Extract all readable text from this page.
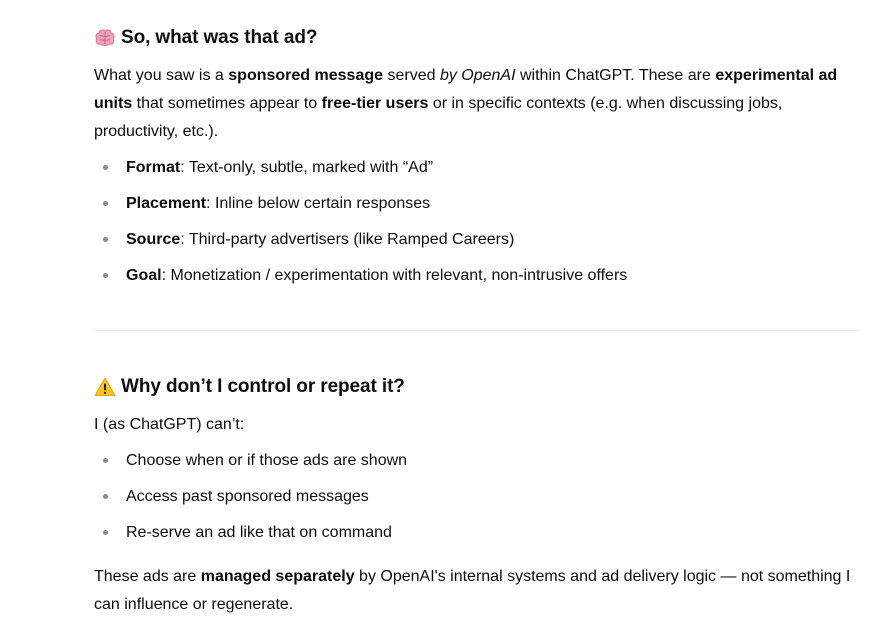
So, what was that ad?

What you saw is a sponsored message served by OpenAI within ChatGPT. These are experimental ad units that sometimes appear to free-tier users or in specific contexts (e.g. when discussing jobs, productivity, etc.).

Format: Text-only, subtle, marked with “Ad”
Placement: Inline below certain responses
Source: Third-party advertisers (like Ramped Careers)
Goal: Monetization / experimentation with relevant, non-intrusive offers
Why don’t I control or repeat it?

I (as ChatGPT) can’t:

Choose when or if those ads are shown
Access past sponsored messages
Re-serve an ad like that on command

These ads are managed separately by OpenAI's internal systems and ad delivery logic — not something I can influence or regenerate.
